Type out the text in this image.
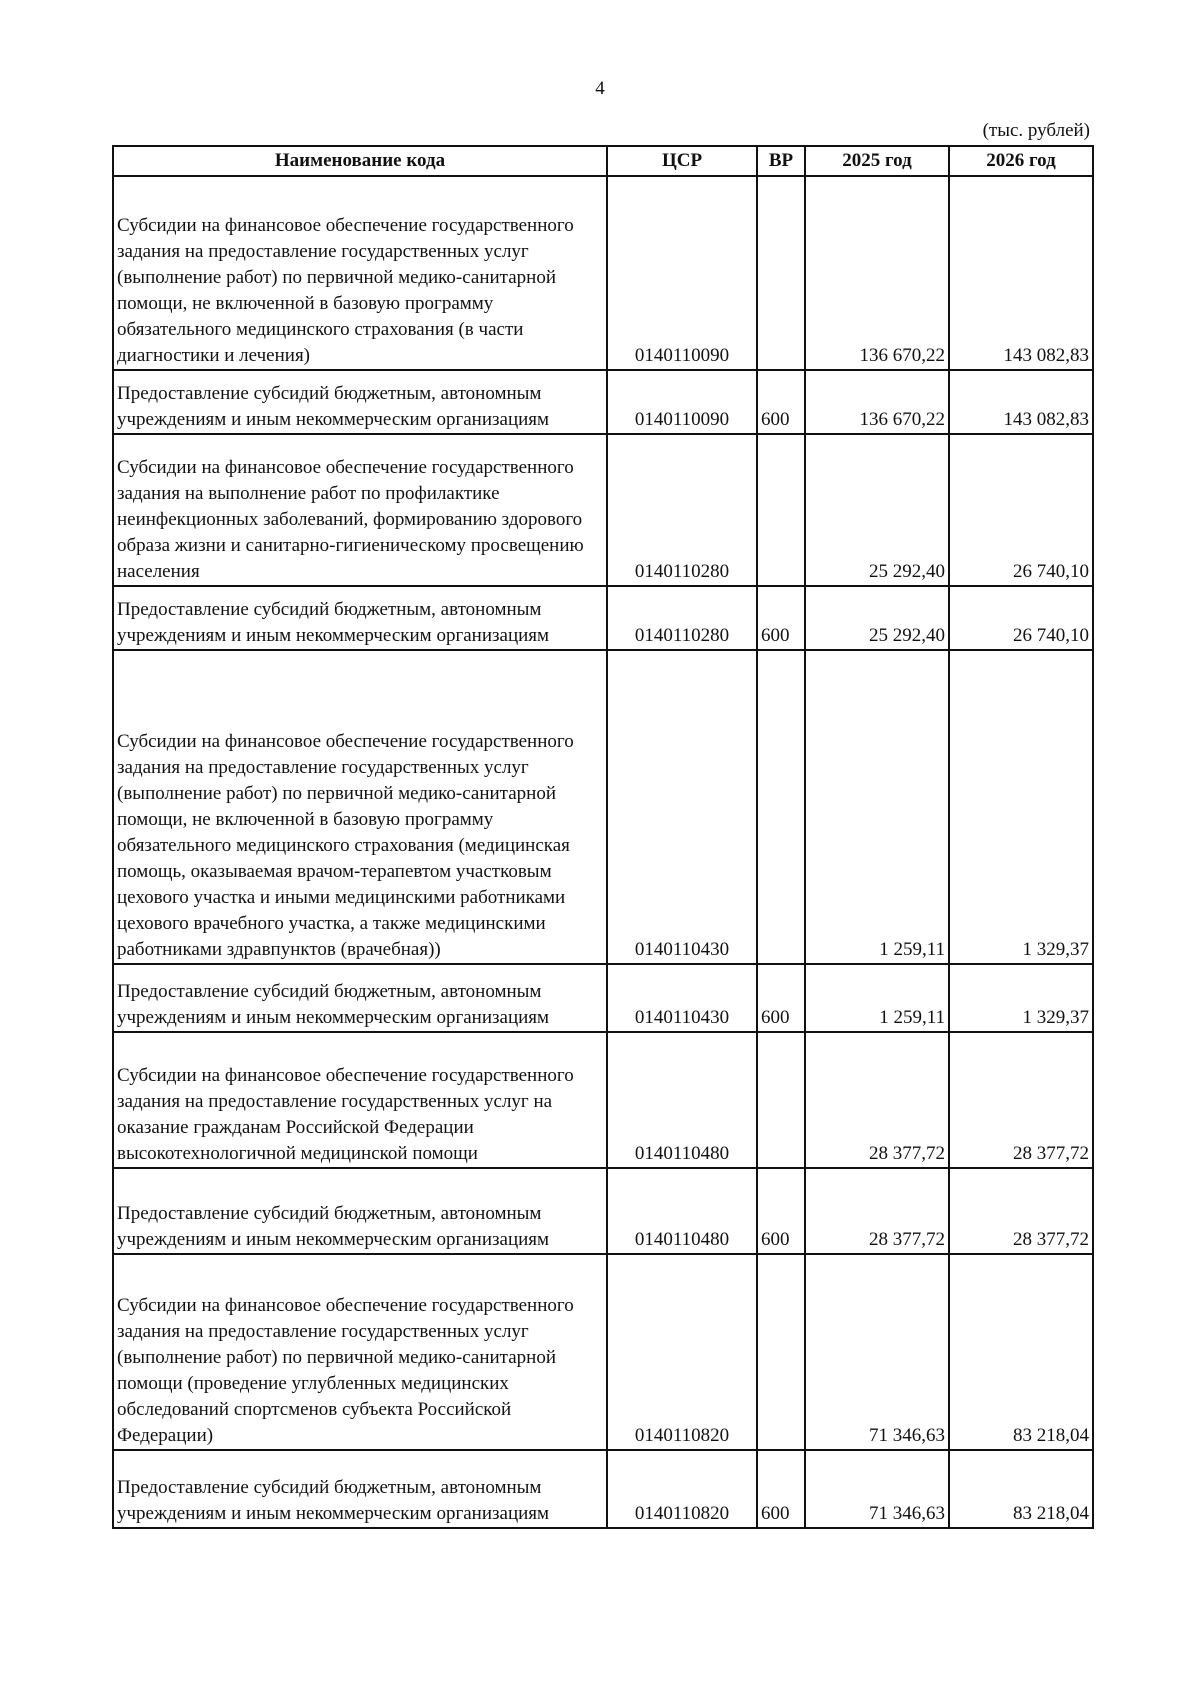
4
(тыс. рублей)
Наименование кода	ЦСР	ВР	2025 год	2026 год
Субсидии на финансовое обеспечение государственного задания на предоставление государственных услуг (выполнение работ) по первичной медико-санитарной помощи, не включенной в базовую программу обязательного медицинского страхования (в части диагностики и лечения)	0140110090		136 670,22	143 082,83
Предоставление субсидий бюджетным, автономным учреждениям и иным некоммерческим организациям	0140110090	600	136 670,22	143 082,83
Субсидии на финансовое обеспечение государственного задания на выполнение работ по профилактике неинфекционных заболеваний, формированию здорового образа жизни и санитарно-гигиеническому просвещению населения	0140110280		25 292,40	26 740,10
Предоставление субсидий бюджетным, автономным учреждениям и иным некоммерческим организациям	0140110280	600	25 292,40	26 740,10
Субсидии на финансовое обеспечение государственного задания на предоставление государственных услуг (выполнение работ) по первичной медико-санитарной помощи, не включенной в базовую программу обязательного медицинского страхования (медицинская помощь, оказываемая врачом-терапевтом участковым цехового участка и иными медицинскими работниками цехового врачебного участка, а также медицинскими работниками здравпунктов (врачебная))	0140110430		1 259,11	1 329,37
Предоставление субсидий бюджетным, автономным учреждениям и иным некоммерческим организациям	0140110430	600	1 259,11	1 329,37
Субсидии на финансовое обеспечение государственного задания на предоставление государственных услуг на оказание гражданам Российской Федерации высокотехнологичной медицинской помощи	0140110480		28 377,72	28 377,72
Предоставление субсидий бюджетным, автономным учреждениям и иным некоммерческим организациям	0140110480	600	28 377,72	28 377,72
Субсидии на финансовое обеспечение государственного задания на предоставление государственных услуг (выполнение работ) по первичной медико-санитарной помощи (проведение углубленных медицинских обследований спортсменов субъекта Российской Федерации)	0140110820		71 346,63	83 218,04
Предоставление субсидий бюджетным, автономным учреждениям и иным некоммерческим организациям	0140110820	600	71 346,63	83 218,04
